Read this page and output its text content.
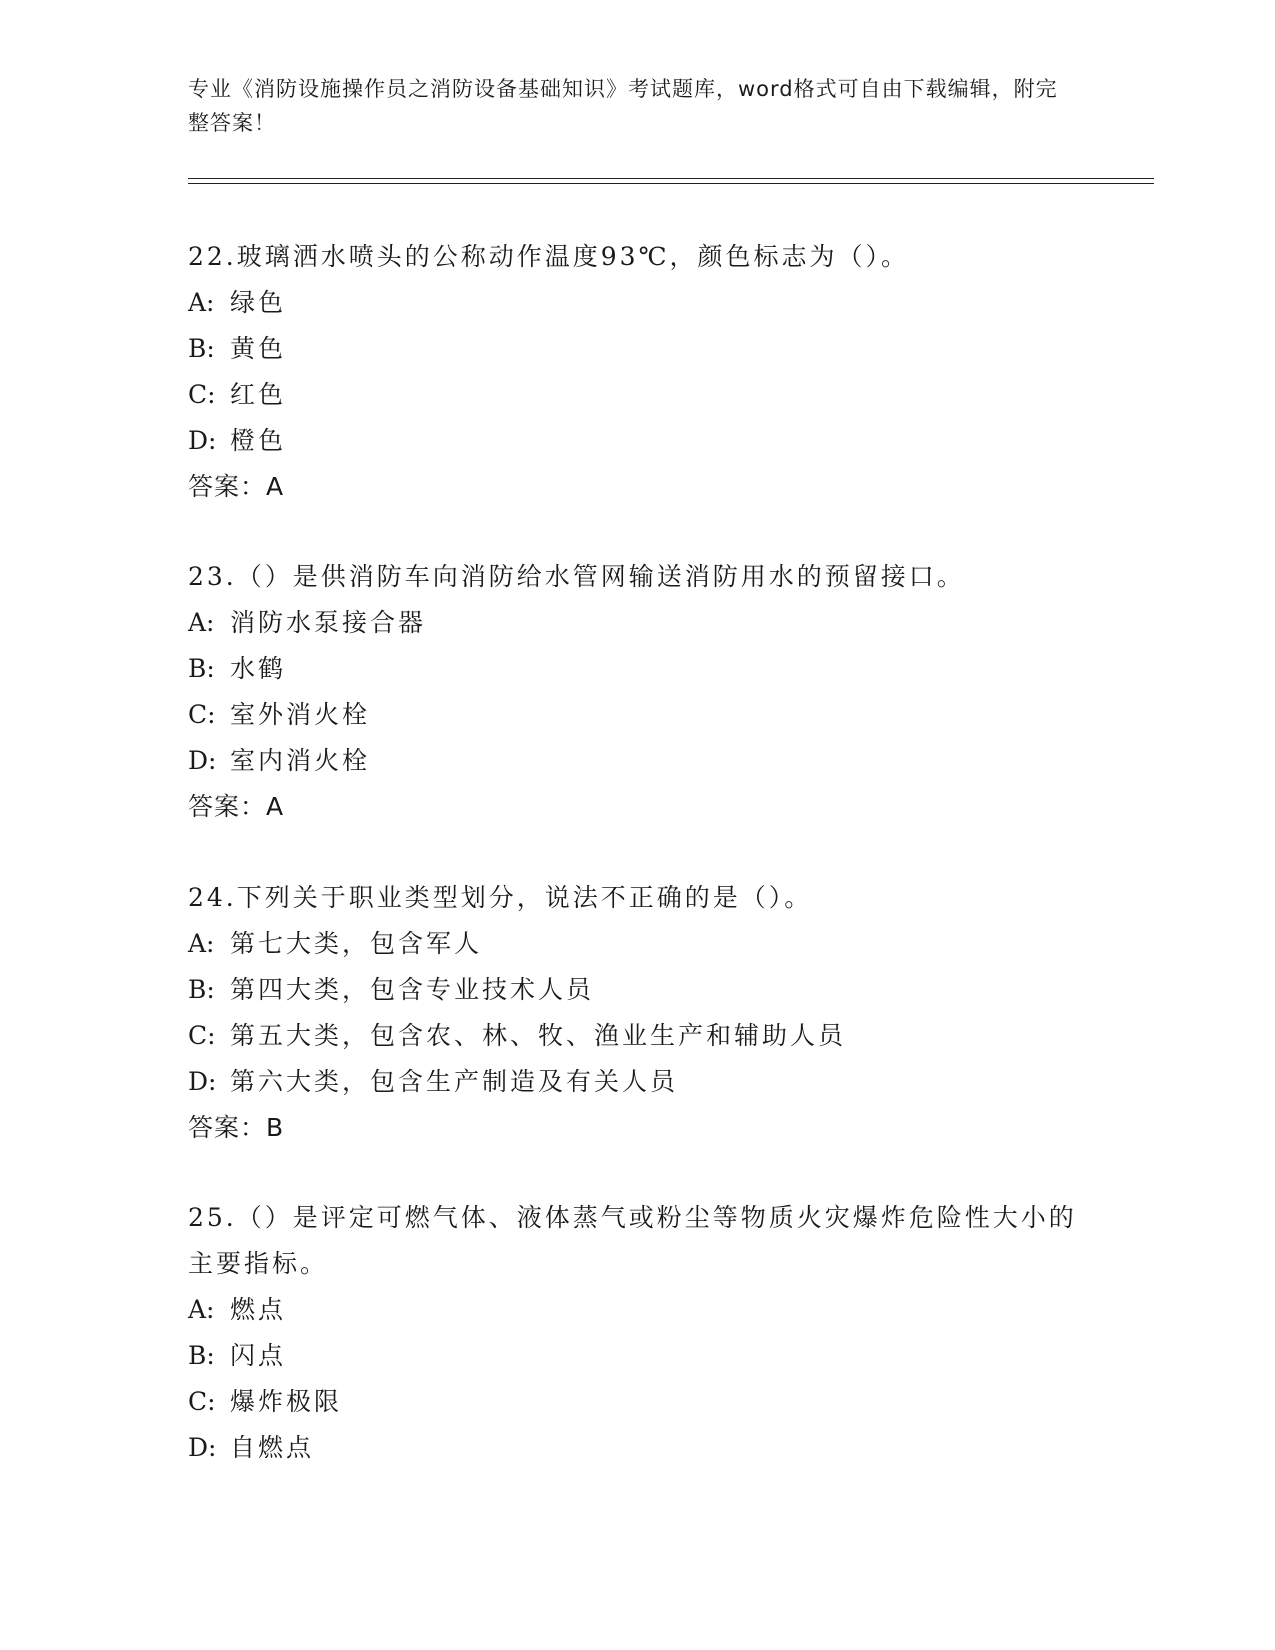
专业《消防设施操作员之消防设备基础知识》考试题库，word格式可自由下载编辑，附完整答案！
22.玻璃洒水喷头的公称动作温度93℃，颜色标志为（）。
A: 绿色
B: 黄色
C: 红色
D: 橙色
答案：A
23.（）是供消防车向消防给水管网输送消防用水的预留接口。
A: 消防水泵接合器
B: 水鹤
C: 室外消火栓
D: 室内消火栓
答案：A
24.下列关于职业类型划分，说法不正确的是（）。
A: 第七大类，包含军人
B: 第四大类，包含专业技术人员
C: 第五大类，包含农、林、牧、渔业生产和辅助人员
D: 第六大类，包含生产制造及有关人员
答案：B
25.（）是评定可燃气体、液体蒸气或粉尘等物质火灾爆炸危险性大小的主要指标。
A: 燃点
B: 闪点
C: 爆炸极限
D: 自燃点
